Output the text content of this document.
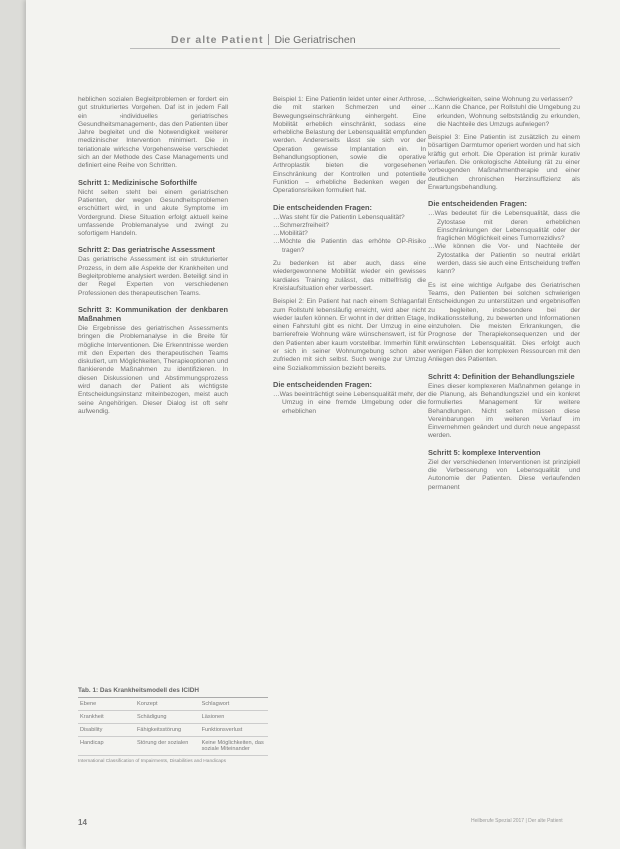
Der alte Patient Die Geriatrischen

heblichen sozialen Begleitproblemen er fordert ein gut strukturiertes Vorgehen. Daf ist in jedem Fall ein ›individuelles geriatrisches Gesundheitsmanagement‹, das den Patienten über Jahre begleitet und die Notwendigkeit weiterer medizinischer Intervention minimiert. Die in teriationale wirksche Vorgehensweise verschiedet sich an der Methode des Case Managements und definiert eine Reihe von Schritten.

Schritt 1: Medizinische Soforthilfe

Nicht selten steht bei einem geriatrischen Patienten, der wegen Gesundheitsproblemen erschüttert wird, in und akute Symptome im Vordergrund. Diese Situation erfolgt aktuell keine umfassende Problemanalyse und zwingt zu sofortigem Handeln.

Schritt 2: Das geriatrische Assessment

Das geriatrische Assessment ist ein strukturierter Prozess, in dem alle Aspekte der Krankheiten und Begleitprobleme analysiert werden. Beteiligt sind in der Regel Experten von verschiedenen Professionen des therapeutischen Teams.

Schritt 3: Kommunikation der denkbaren Maßnahmen

Die Ergebnisse des geriatrischen Assessments bringen die Problemanalyse in die Breite für mögliche Interventionen. Die Erkenntnisse werden mit den Experten des therapeutischen Teams diskutiert, um Möglichkeiten, Therapieoptionen und flankierende Maßnahmen zu identifizieren. In diesen Diskussionen und Abstimmungsprozess wird danach der Patient als wichtigste Entscheidungsinstanz miteinbezogen, meist auch seine Angehörigen. Dieser Dialog ist oft sehr aufwendig.

Beispiel 1: Eine Patientin leidet unter einer Arthrose, die mit starken Schmerzen und einer Bewegungseinschränkung einhergeht. Eine Mobilität erheblich einschränkt, sodass eine erhebliche Belastung der Lebensqualität empfunden werden. Andererseits lässt sie sich vor der Operation gewisse Implantation ein. In Behandlungsoptionen, sowie die operative Arthroplastik bieten die vorgesehenen Einschränkung der Kontrollen und potentielle Funktion – erhebliche Bedenken wegen der Operationsrisiken formuliert hat.

Die entscheidenden Fragen:
… Was steht für die Patientin Lebensqualität?
… Schmerzfreiheit?
… Mobilität?
… Möchte die Patientin das erhöhte OP-Risiko tragen?

Zu bedenken ist aber auch, dass eine wiedergewonnene Mobilität wieder ein gewisses kardiales Training zulässt, das mittelfristig die Kreislaufsituation eher verbessert.

Beispiel 2: Ein Patient hat nach einem Schlaganfall zum Rollstuhl lebensläufig erreicht, wird aber nicht wieder laufen können. Er wohnt in der dritten Etage, einen Fahrstuhl gibt es nicht. Der Umzug in eine barrierefreie Wohnung wäre wünschenswert, ist für den Patienten aber kaum vorstellbar. Immerhin fühlt er sich in seiner Wohnumgebung schon aber zufrieden mit sich selbst. Such wenige zur Umzug eine Sozialkommission bezieht bereits.

Die entscheidenden Fragen:
… Was beeinträchtigt seine Lebensqualität mehr, der Umzug in eine fremde Umgebung oder die erheblichen
… Schwierigkeiten, seine Wohnung zu verlassen?
… Kann die Chance, per Rollstuhl die Umgebung zu erkunden, Wohnung selbstständig zu erkunden, die Nachteile des Umzugs aufwiegen?

Beispiel 3: Eine Patientin ist zusätzlich zu einem bösartigen Darmtumor operiert worden und hat sich kräftig gut erholt. Die Operation ist primär kurativ verlaufen. Die onkologische Abteilung rät zu einer vorbeugenden Maßnahmentherapie und einer deutlichen chronischen Herzinsuffizienz als Erwartungsbehandlung.

Die entscheidenden Fragen:
… Was bedeutet für die Lebensqualität, dass die Zytostase mit deren erheblichen Einschränkungen der Lebensqualität oder der fraglichen Möglichkeit eines Tumorrezidivs?
… Wie können die Vor- und Nachteile der Zytostatika der Patientin so neutral erklärt werden, dass sie auch eine Entscheidung treffen kann?

Es ist eine wichtige Aufgabe des Geriatrischen Teams, den Patienten bei solchen schwierigen Entscheidungen zu unterstützen und ergebnisoffen zu begleiten, insbesondere bei der Indikationsstellung, zu bewerten und Informationen einzuholen. Die meisten Erkrankungen, die Prognose der Therapiekonsequenzen und der erwünschten Lebensqualität. Dies erfolgt auch wenigen Fällen der komplexen Ressourcen mit den Anliegen des Patienten.

Schritt 4: Definition der Behandlungsziele

Eines dieser komplexeren Maßnahmen gelange in die Planung, als Behandlungsziel und ein konkret formuliertes Management für weitere Behandlungen. Nicht selten müssen diese Vereinbarungen im weiteren Verlauf im Einvernehmen geändert und durch neue angepasst werden.

Schritt 5: komplexe Intervention

Ziel der verschiedenen Interventionen ist prinzipiell die Verbesserung von Lebensqualität und Autonomie der Patienten. Diese verlaufenden permanent

Tab. 1: Das Krankheitsmodell des ICIDH
Ebene	Konzept	Schlagwort
Krankheit	Schädigung	Läsionen
Disability	Fähigkeitsstörung	Funktionsverlust
Handicap	Störung der sozialen	Keine Möglichkeiten, das soziale Miteinander
International Classification of Impairments, Disabilities and Handicaps
14	Heilberufe Spezial 2017 | Der alte Patient
